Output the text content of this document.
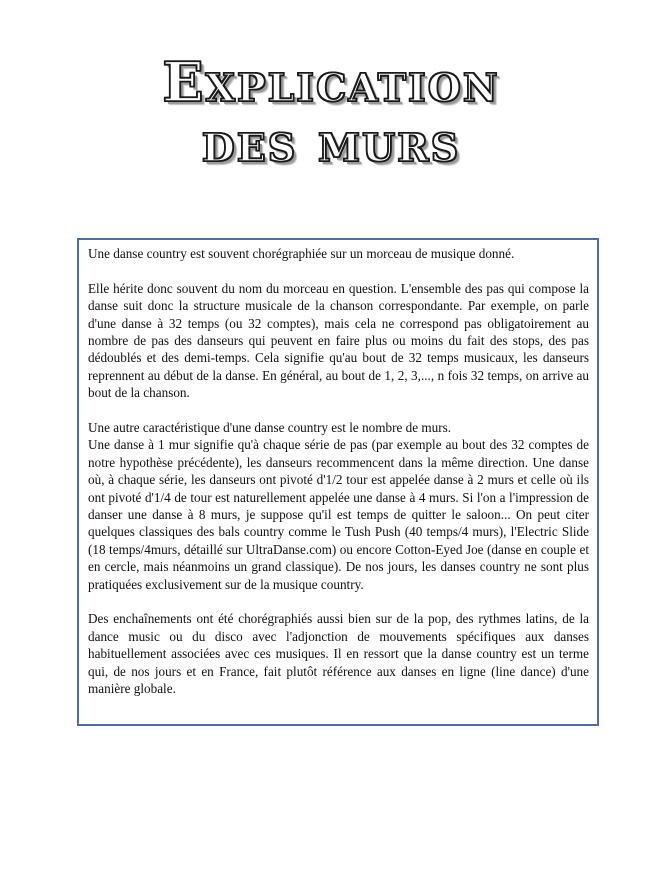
Explication
des murs

Une danse country est souvent chorégraphiée sur un morceau de musique donné.

Elle hérite donc souvent du nom du morceau en question. L'ensemble des pas qui compose la danse suit donc la structure musicale de la chanson correspondante. Par exemple, on parle d'une danse à 32 temps (ou 32 comptes), mais cela ne correspond pas obligatoirement au nombre de pas des danseurs qui peuvent en faire plus ou moins du fait des stops, des pas dédoublés et des demi-temps. Cela signifie qu'au bout de 32 temps musicaux, les danseurs reprennent au début de la danse. En général, au bout de 1, 2, 3,..., n fois 32 temps, on arrive au bout de la chanson.

Une autre caractéristique d'une danse country est le nombre de murs.
Une danse à 1 mur signifie qu'à chaque série de pas (par exemple au bout des 32 comptes de notre hypothèse précédente), les danseurs recommencent dans la même direction. Une danse où, à chaque série, les danseurs ont pivoté d'1/2 tour est appelée danse à 2 murs et celle où ils ont pivoté d'1/4 de tour est naturellement appelée une danse à 4 murs. Si l'on a l'impression de danser une danse à 8 murs, je suppose qu'il est temps de quitter le saloon... On peut citer quelques classiques des bals country comme le Tush Push (40 temps/4 murs), l'Electric Slide (18 temps/4murs, détaillé sur UltraDanse.com) ou encore Cotton-Eyed Joe (danse en couple et en cercle, mais néanmoins un grand classique). De nos jours, les danses country ne sont plus pratiquées exclusivement sur de la musique country.

Des enchaînements ont été chorégraphiés aussi bien sur de la pop, des rythmes latins, de la dance music ou du disco avec l'adjonction de mouvements spécifiques aux danses habituellement associées avec ces musiques. Il en ressort que la danse country est un terme qui, de nos jours et en France, fait plutôt référence aux danses en ligne (line dance) d'une manière globale.
